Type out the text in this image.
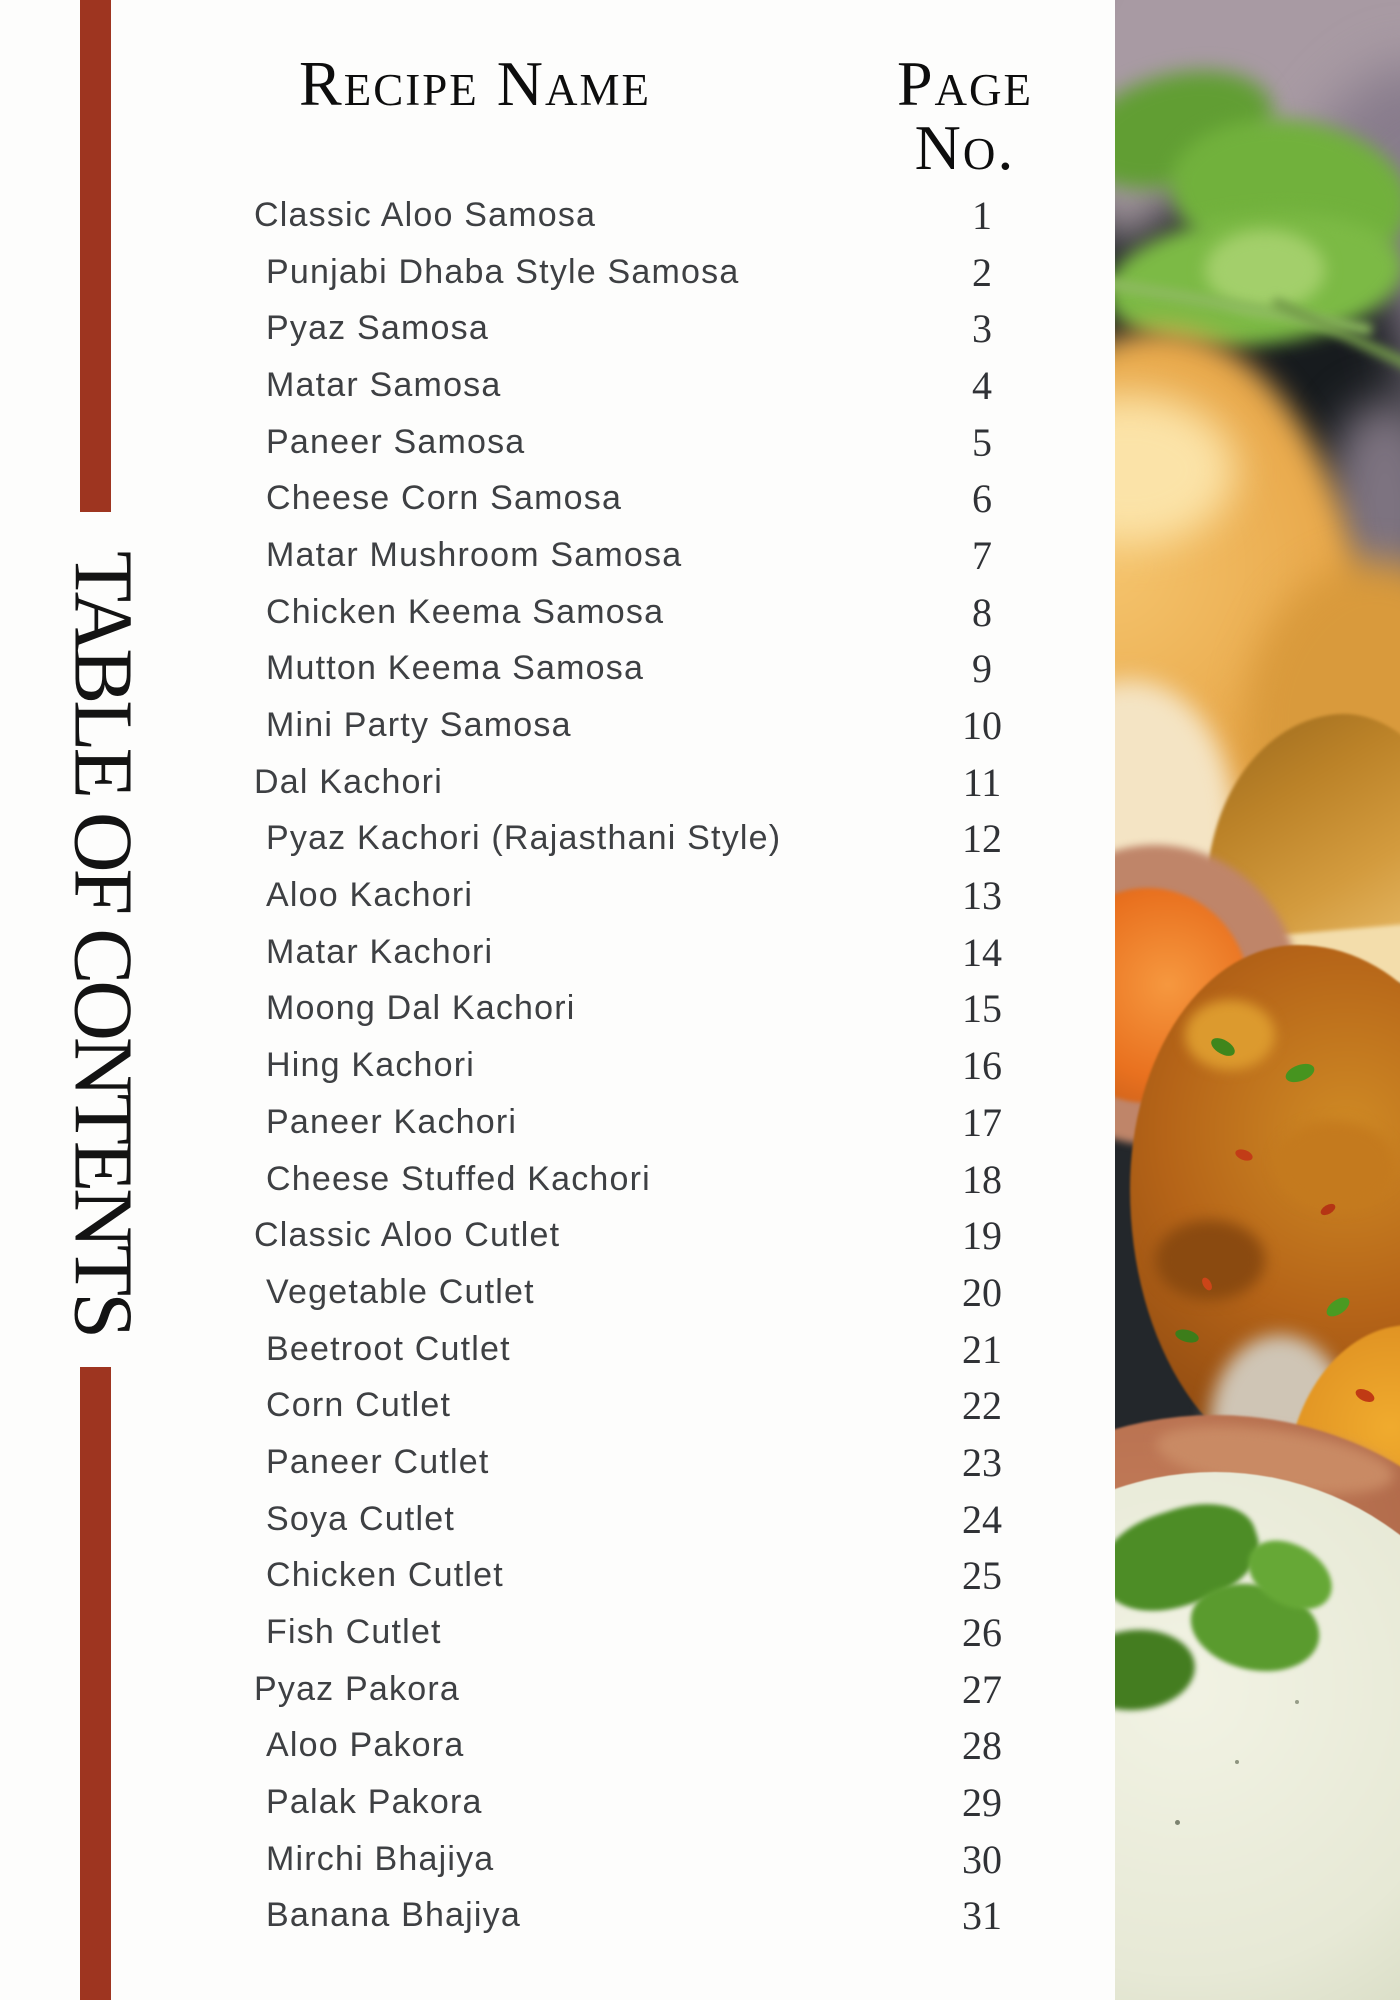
TABLE OF CONTENTS
Recipe Name	Page No.
Classic Aloo Samosa	1
Punjabi Dhaba Style Samosa	2
Pyaz Samosa	3
Matar Samosa	4
Paneer Samosa	5
Cheese Corn Samosa	6
Matar Mushroom Samosa	7
Chicken Keema Samosa	8
Mutton Keema Samosa	9
Mini Party Samosa	10
Dal Kachori	11
Pyaz Kachori (Rajasthani Style)	12
Aloo Kachori	13
Matar Kachori	14
Moong Dal Kachori	15
Hing Kachori	16
Paneer Kachori	17
Cheese Stuffed Kachori	18
Classic Aloo Cutlet	19
Vegetable Cutlet	20
Beetroot Cutlet	21
Corn Cutlet	22
Paneer Cutlet	23
Soya Cutlet	24
Chicken Cutlet	25
Fish Cutlet	26
Pyaz Pakora	27
Aloo Pakora	28
Palak Pakora	29
Mirchi Bhajiya	30
Banana Bhajiya	31
